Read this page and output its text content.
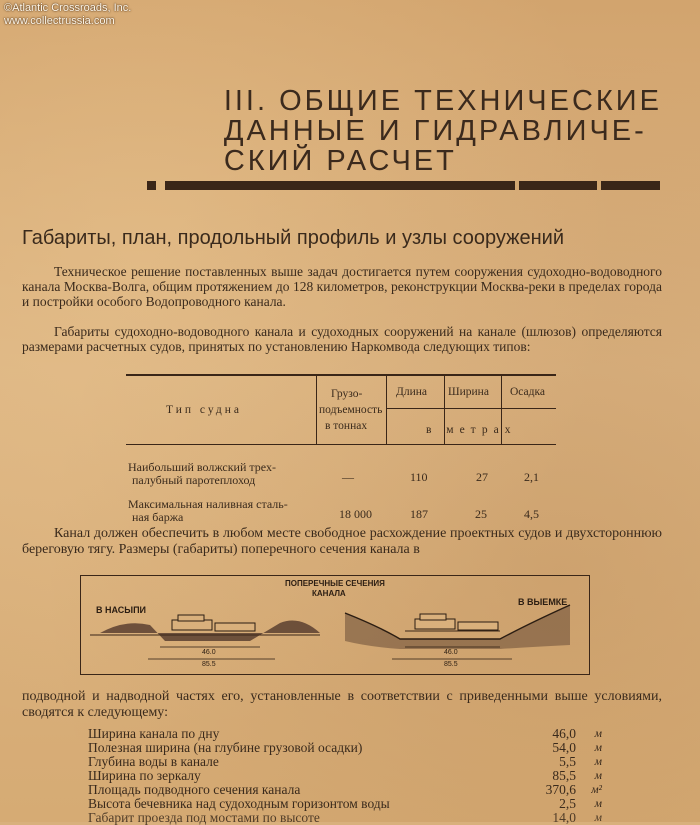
©Atlantic Crossroads, Inc.
www.collectrussia.com
III. ОБЩИЕ ТЕХНИЧЕСКИЕ
ДАННЫЕ И ГИДРАВЛИЧЕ-
СКИЙ РАСЧЕТ
Габариты, план, продольный профиль и узлы сооружений
Техническое решение поставленных выше задач достигается путем сооружения судоходно-водоводного канала Москва-Волга, общим протяжением до 128 километров, реконструкции Москва-реки в пределах города и постройки особого Водопроводного канала.
Габариты судоходно-водоводного канала и судоходных сооружений на канале (шлюзов) определяются размерами расчетных судов, принятых по установлению Наркомвода следующих типов:
Тип судна
Грузо-
подъемность
в тоннах
Длина Ширина Осадка
в метрах
Наибольший волжский трех-
палубный паротеплоход	—	110	27	2,1
Максимальная наливная сталь-
ная баржа	18 000	187	25	4,5
Канал должен обеспечить в любом месте свободное расхождение проектных судов и двухстороннюю береговую тягу. Размеры (габариты) поперечного сечения канала в
ПОПЕРЕЧНЫЕ СЕЧЕНИЯ
КАНАЛА
В НАСЫПИ
В ВЫЕМКЕ
46.0
85.5
46.0
85.5
подводной и надводной частях его, установленные в соответствии с приведенными выше условиями, сводятся к следующему:
Ширина канала по дну	46,0 м
Полезная ширина (на глубине грузовой осадки)	54,0 м
Глубина воды в канале	5,5 м
Ширина по зеркалу	85,5 м
Площадь подводного сечения канала	370,6 м²
Высота бечевника над судоходным горизонтом воды	2,5 м
Габарит проезда под мостами по высоте	14,0 м
